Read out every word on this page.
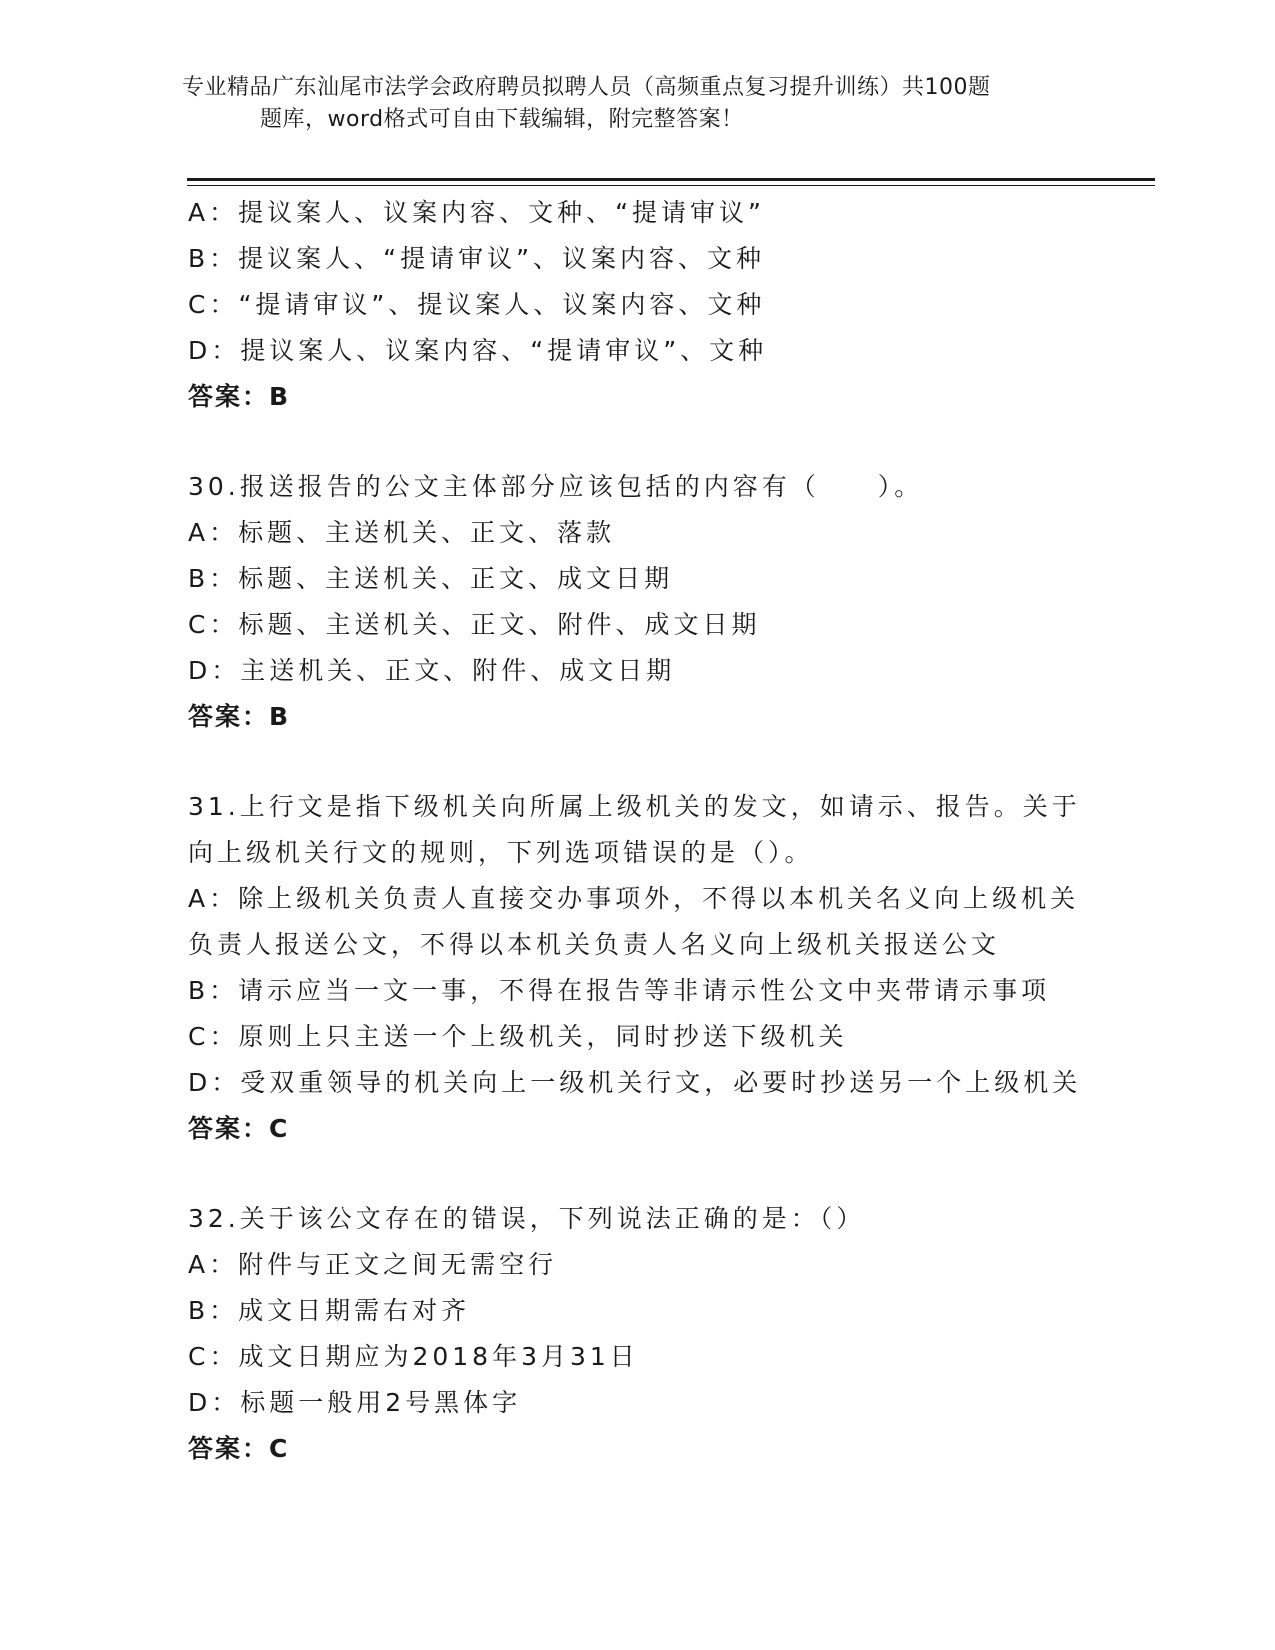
专业精品广东汕尾市法学会政府聘员拟聘人员（高频重点复习提升训练）共100题
题库，word格式可自由下载编辑，附完整答案！
A：提议案人、议案内容、文种、“提请审议”
B：提议案人、“提请审议”、议案内容、文种
C：“提请审议”、提议案人、议案内容、文种
D：提议案人、议案内容、“提请审议”、文种
答案：B
30.报送报告的公文主体部分应该包括的内容有（　　）。
A：标题、主送机关、正文、落款
B：标题、主送机关、正文、成文日期
C：标题、主送机关、正文、附件、成文日期
D：主送机关、正文、附件、成文日期
答案：B
31.上行文是指下级机关向所属上级机关的发文，如请示、报告。关于
向上级机关行文的规则，下列选项错误的是（）。
A：除上级机关负责人直接交办事项外，不得以本机关名义向上级机关
负责人报送公文，不得以本机关负责人名义向上级机关报送公文
B：请示应当一文一事，不得在报告等非请示性公文中夹带请示事项
C：原则上只主送一个上级机关，同时抄送下级机关
D：受双重领导的机关向上一级机关行文，必要时抄送另一个上级机关
答案：C
32.关于该公文存在的错误，下列说法正确的是：（）
A：附件与正文之间无需空行
B：成文日期需右对齐
C：成文日期应为2018年3月31日
D：标题一般用2号黑体字
答案：C
